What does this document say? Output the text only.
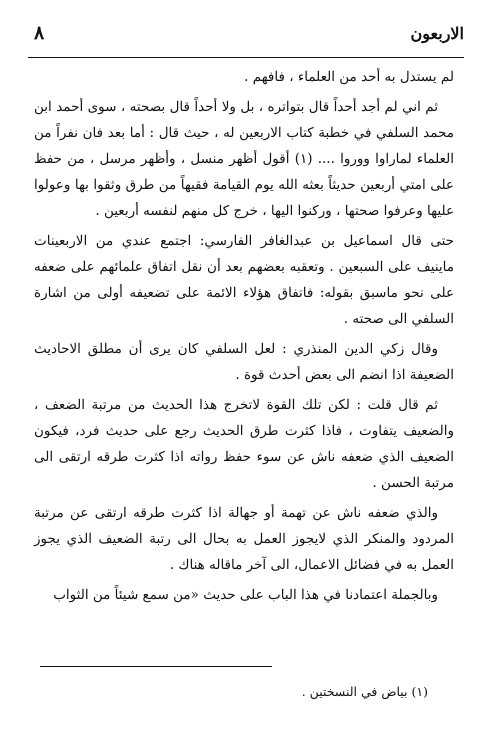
الاربعون
٨

لم يستدل به أحد من العلماء ، فافهم .

ثم اني لم أجد أحداً قال بتواتره ، بل ولا أحداً قال بصحته ، سوى أحمد ابن محمد السلفي في خطبة كتاب الاربعين له ، حيث قال : أما بعد فان نفراً من العلماء لماراوا ووروا .... (١) أقول أظهر منسل ، وأظهر مرسل ، من حفظ على امتي أربعين حديثاً بعثه الله يوم القيامة فقيهاً من طرق وثقوا بها وعولوا عليها وعرفوا صحتها ، وركنوا اليها ، خرج كل منهم لنفسه أربعين .

حتى قال اسماعيل بن عبدالغافر الفارسي: اجتمع عندي من الاربعينات ماينيف على السبعين . وتعقبه بعضهم بعد أن نقل اتفاق علمائهم على ضعفه على نحو ماسبق بقوله: فاتفاق هؤلاء الائمة على تضعيفه أولى من اشارة السلفي الى صحته .

وقال زكي الدين المنذري : لعل السلفي كان يرى أن مطلق الاحاديث الضعيفة اذا انضم الى بعض أحدث قوة .

ثم قال قلت : لكن تلك القوة لاتخرج هذا الحديث من مرتبة الضعف ، والضعيف يتفاوت ، فاذا كثرت طرق الحديث رجع على حديث فرد، فيكون الضعيف الذي ضعفه ناش عن سوء حفظ رواته اذا كثرت طرقه ارتقى الى مرتبة الحسن .

والذي ضعفه ناش عن تهمة أو جهالة اذا كثرت طرقه ارتقى عن مرتبة المردود والمنكر الذي لايجوز العمل به بحال الى رتبة الضعيف الذي يجوز العمل به في فضائل الاعمال، الى آخر ماقاله هناك .

وبالجملة اعتمادنا في هذا الباب على حديث «من سمع شيئاً من الثواب

(١) بياض في النسختين .
